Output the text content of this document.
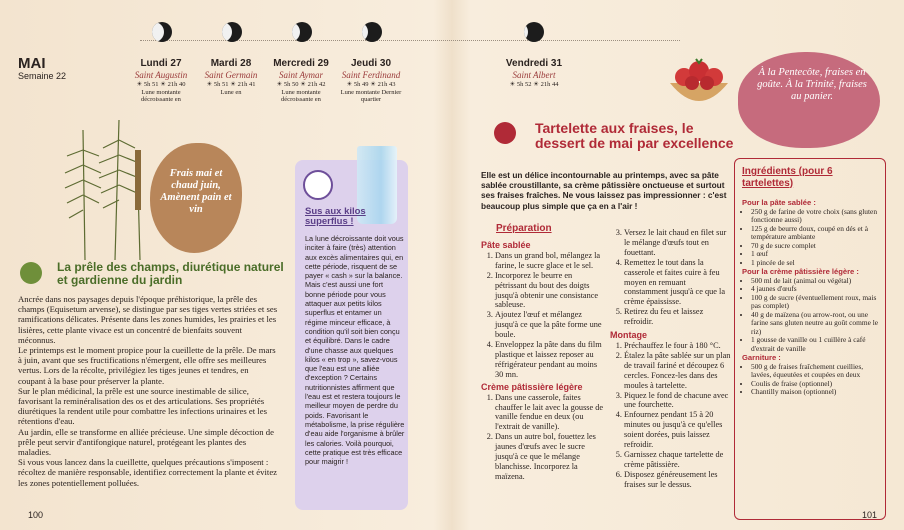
MAI
Semaine 22
Lundi 27
Saint Augustin
☀ 5h 51 ☀ 21h 40
Lune montante décroissante en
Mardi 28
Saint Germain
☀ 5h 51 ☀ 21h 41
Lune en
Mercredi 29
Saint Aymar
☀ 5h 50 ☀ 21h 42
Lune montante décroissante en
Jeudi 30
Saint Ferdinand
☀ 5h 49 ☀ 21h 43
Lune montante Dernier quartier
Vendredi 31
Saint Albert
☀ 5h 52 ☀ 21h 44
Frais mai et chaud juin, Amènent pain et vin
La prêle des champs, diurétique naturel et gardienne du jardin

Ancrée dans nos paysages depuis l'époque préhistorique, la prêle des champs (Equisetum arvense), se distingue par ses tiges vertes striées et ses ramifications délicates. Présente dans les zones humides, les prairies et les lisières, cette plante vivace est un concentré de bienfaits souvent méconnus.

Le printemps est le moment propice pour la cueillette de la prêle. De mars à juin, avant que ses fructifications n'émergent, elle offre ses meilleures vertus. Lors de la récolte, privilégiez les tiges jeunes et tendres, en coupant à la base pour préserver la plante.

Sur le plan médicinal, la prêle est une source inestimable de silice, favorisant la reminéralisation des os et des articulations. Ses propriétés diurétiques la rendent utile pour combattre les infections urinaires et les rétentions d'eau.

Au jardin, elle se transforme en alliée précieuse. Une simple décoction de prêle peut servir d'antifongique naturel, protégeant les plantes des maladies.

Si vous vous lancez dans la cueillette, quelques précautions s'imposent : récoltez de manière responsable, identifiez correctement la plante et évitez les zones potentiellement polluées.

Sus aux kilos superflus !
La lune décroissante doit vous inciter à faire (très) attention aux excès alimentaires qui, en cette période, risquent de se payer « cash » sur la balance. Mais c'est aussi une fort bonne période pour vous attaquer aux petits kilos superflus et entamer un régime minceur efficace, à condition qu'il soit bien conçu et équilibré. Dans le cadre d'une chasse aux quelques kilos « en trop », savez-vous que l'eau est une alliée d'exception ? Certains nutritionnistes affirment que l'eau est et restera toujours le meilleur moyen de perdre du poids. Favorisant le métabolisme, la prise régulière d'eau aide l'organisme à brûler les calories. Voilà pourquoi, cette pratique est très efficace pour maigrir !
À la Pentecôte, fraises en goûte. À la Trinité, fraises au panier.
Tartelette aux fraises, le dessert de mai par excellence
Elle est un délice incontournable au printemps, avec sa pâte sablée croustillante, sa crème pâtissière onctueuse et surtout ses fraises fraîches. Ne vous laissez pas impressionner : c'est beaucoup plus simple que ça en a l'air !
Préparation
Pâte sablée
1. Dans un grand bol, mélangez la farine, le sucre glace et le sel.
2. Incorporez le beurre en pétrissant du bout des doigts jusqu'à obtenir une consistance sableuse.
3. Ajoutez l'œuf et mélangez jusqu'à ce que la pâte forme une boule.
4. Enveloppez la pâte dans du film plastique et laissez reposer au réfrigérateur pendant au moins 30 mn.
Crème pâtissière légère
1. Dans une casserole, faites chauffer le lait avec la gousse de vanille fendue en deux (ou l'extrait de vanille).
2. Dans un autre bol, fouettez les jaunes d'œufs avec le sucre jusqu'à ce que le mélange blanchisse. Incorporez la maïzena.
3. Versez le lait chaud en filet sur le mélange d'œufs tout en fouettant.
4. Remettez le tout dans la casserole et faites cuire à feu moyen en remuant constamment jusqu'à ce que la crème épaississe.
5. Retirez du feu et laissez refroidir.
Montage
1. Préchauffez le four à 180 °C.
2. Étalez la pâte sablée sur un plan de travail fariné et découpez 6 cercles. Foncez-les dans des moules à tartelette.
3. Piquez le fond de chacune avec une fourchette.
4. Enfournez pendant 15 à 20 minutes ou jusqu'à ce qu'elles soient dorées, puis laissez refroidir.
5. Garnissez chaque tartelette de crème pâtissière.
6. Disposez généreusement les fraises sur le dessus.
Ingrédients (pour 6 tartelettes)
Pour la pâte sablée :
• 250 g de farine de votre choix (sans gluten fonctionne aussi)
• 125 g de beurre doux, coupé en dés et à température ambiante
• 70 g de sucre complet
• 1 œuf
• 1 pincée de sel
Pour la crème pâtissière légère :
• 500 ml de lait (animal ou végétal)
• 4 jaunes d'œufs
• 100 g de sucre (éventuellement roux, mais pas complet)
• 40 g de maïzena (ou arrow-root, ou une farine sans gluten neutre au goût comme le riz)
• 1 gousse de vanille ou 1 cuillère à café d'extrait de vanille
Garniture :
• 500 g de fraises fraîchement cueillies, lavées, équeutées et coupées en deux
• Coulis de fraise (optionnel)
• Chantilly maison (optionnel)
100	101
